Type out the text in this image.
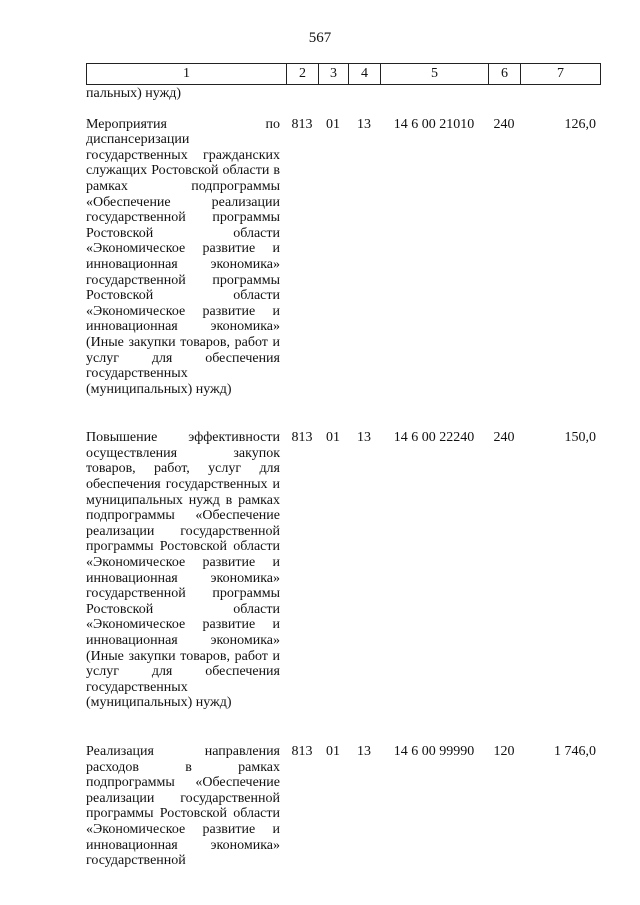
567
1	2	3	4	5	6	7
пальных) нужд)						
Мероприятия по диспансеризации государственных гражданских служащих Ростовской области в рамках подпрограммы «Обеспечение реализации государственной программы Ростовской области «Экономическое развитие и инновационная экономика» государственной программы Ростовской области «Экономическое развитие и инновационная экономика» (Иные закупки товаров, работ и услуг для обеспечения государственных (муниципальных) нужд)	813	01	13	14 6 00 21010	240	126,0
Повышение эффективности осуществления закупок товаров, работ, услуг для обеспечения государственных и муниципальных нужд в рамках подпрограммы «Обеспечение реализации государственной программы Ростовской области «Экономическое развитие и инновационная экономика» государственной программы Ростовской области «Экономическое развитие и инновационная экономика» (Иные закупки товаров, работ и услуг для обеспечения государственных (муниципальных) нужд)	813	01	13	14 6 00 22240	240	150,0
Реализация направления расходов в рамках подпрограммы «Обеспечение реализации государственной программы Ростовской области «Экономическое развитие и инновационная экономика» государственной	813	01	13	14 6 00 99990	120	1 746,0
